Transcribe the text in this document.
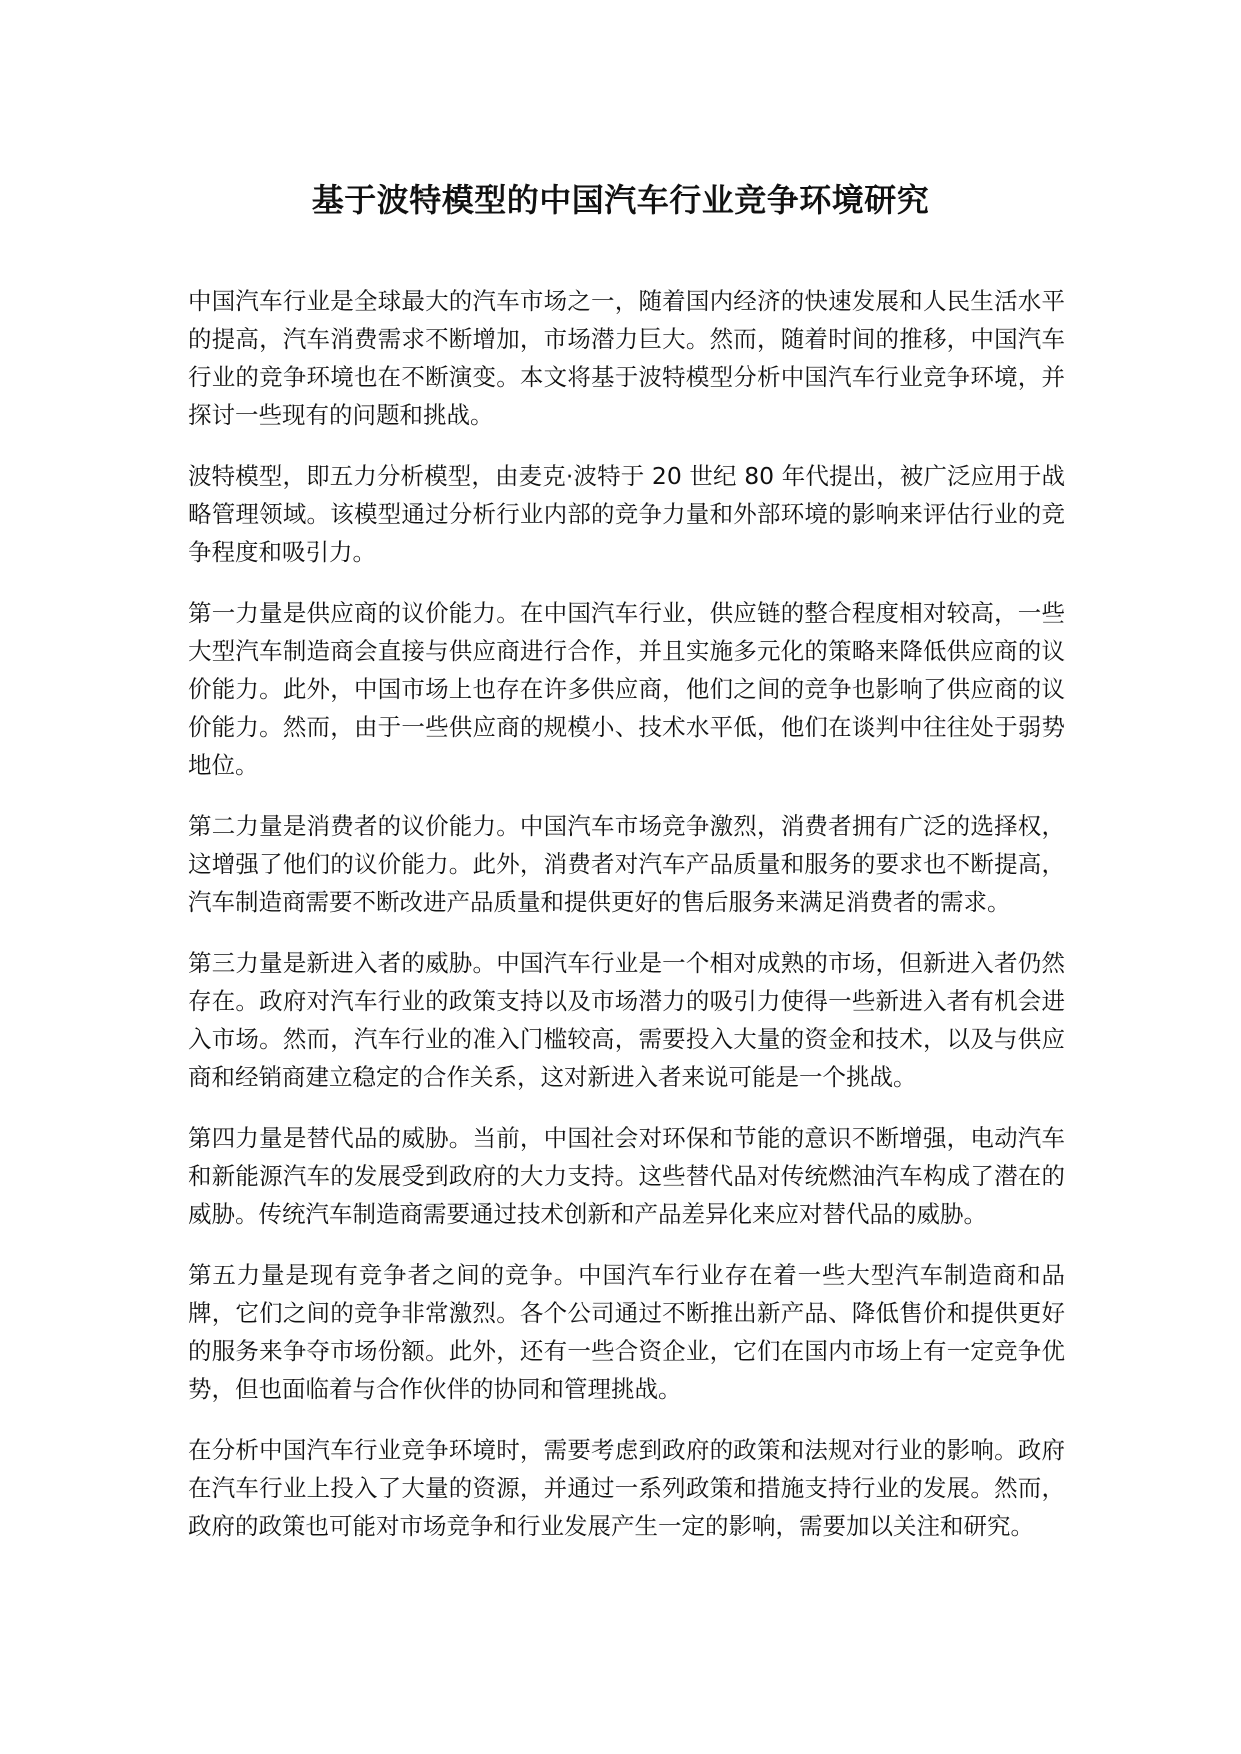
基于波特模型的中国汽车行业竞争环境研究

中国汽车行业是全球最大的汽车市场之一，随着国内经济的快速发展和人民生活水平的提高，汽车消费需求不断增加，市场潜力巨大。然而，随着时间的推移，中国汽车行业的竞争环境也在不断演变。本文将基于波特模型分析中国汽车行业竞争环境，并探讨一些现有的问题和挑战。

波特模型，即五力分析模型，由麦克·波特于 20 世纪 80 年代提出，被广泛应用于战略管理领域。该模型通过分析行业内部的竞争力量和外部环境的影响来评估行业的竞争程度和吸引力。

第一力量是供应商的议价能力。在中国汽车行业，供应链的整合程度相对较高，一些大型汽车制造商会直接与供应商进行合作，并且实施多元化的策略来降低供应商的议价能力。此外，中国市场上也存在许多供应商，他们之间的竞争也影响了供应商的议价能力。然而，由于一些供应商的规模小、技术水平低，他们在谈判中往往处于弱势地位。

第二力量是消费者的议价能力。中国汽车市场竞争激烈，消费者拥有广泛的选择权，这增强了他们的议价能力。此外，消费者对汽车产品质量和服务的要求也不断提高，汽车制造商需要不断改进产品质量和提供更好的售后服务来满足消费者的需求。

第三力量是新进入者的威胁。中国汽车行业是一个相对成熟的市场，但新进入者仍然存在。政府对汽车行业的政策支持以及市场潜力的吸引力使得一些新进入者有机会进入市场。然而，汽车行业的准入门槛较高，需要投入大量的资金和技术，以及与供应商和经销商建立稳定的合作关系，这对新进入者来说可能是一个挑战。

第四力量是替代品的威胁。当前，中国社会对环保和节能的意识不断增强，电动汽车和新能源汽车的发展受到政府的大力支持。这些替代品对传统燃油汽车构成了潜在的威胁。传统汽车制造商需要通过技术创新和产品差异化来应对替代品的威胁。

第五力量是现有竞争者之间的竞争。中国汽车行业存在着一些大型汽车制造商和品牌，它们之间的竞争非常激烈。各个公司通过不断推出新产品、降低售价和提供更好的服务来争夺市场份额。此外，还有一些合资企业，它们在国内市场上有一定竞争优势，但也面临着与合作伙伴的协同和管理挑战。

在分析中国汽车行业竞争环境时，需要考虑到政府的政策和法规对行业的影响。政府在汽车行业上投入了大量的资源，并通过一系列政策和措施支持行业的发展。然而，政府的政策也可能对市场竞争和行业发展产生一定的影响，需要加以关注和研究。
